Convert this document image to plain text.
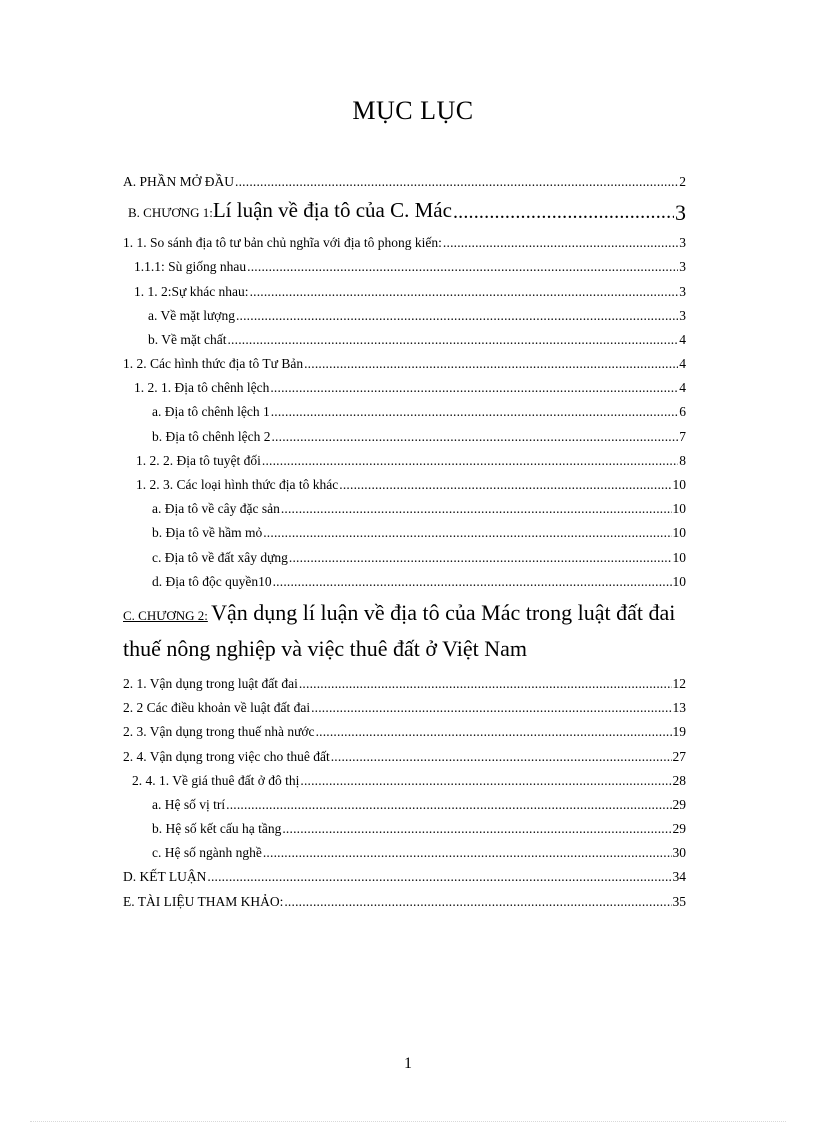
MỤC LỤC
A. PHẦN MỞ ĐẦU .....	2
B. CHƯƠNG 1:Lí luận về địa tô của C. Mác .....	3
1. 1. So sánh địa tô tư bản chủ nghĩa với địa tô phong kiến: .....	3
1.1.1: Sù giống nhau .....	3
1. 1. 2:Sự khác nhau: .....	3
a. Về mặt lượng .....	3
b. Về mặt chất .....	4
1. 2. Các hình thức địa tô Tư Bản .....	4
1. 2. 1. Địa tô chênh lệch .....	4
a. Địa tô chênh lệch 1 .....	6
b. Địa tô chênh lệch 2 .....	7
1. 2. 2. Địa tô tuyệt đối .....	8
1. 2. 3. Các loại hình thức địa tô khác .....	10
a. Địa tô về cây đặc sản .....	10
b. Địa tô về hầm mỏ .....	10
c. Địa tô về đất xây dựng .....	10
d. Địa tô độc quyền10 .....	10
C. CHƯƠNG 2: Vận dụng lí luận về địa tô của Mác trong luật đất đai thuế nông nghiệp và việc thuê đất ở Việt Nam
2. 1. Vận dụng trong luật đất đai .....	12
2. 2 Các điều khoản về luật đất đai .....	13
2. 3. Vận dụng trong thuế nhà nước .....	19
2. 4. Vận dụng trong việc cho thuê đất .....	27
2. 4. 1. Về giá thuê đất ở đô thị .....	28
a. Hệ số vị trí .....	29
b. Hệ số kết cấu hạ tầng .....	29
c. Hệ số ngành nghề .....	30
D. KẾT LUẬN .....	34
E. TÀI LIỆU THAM KHẢO: .....	35
1
